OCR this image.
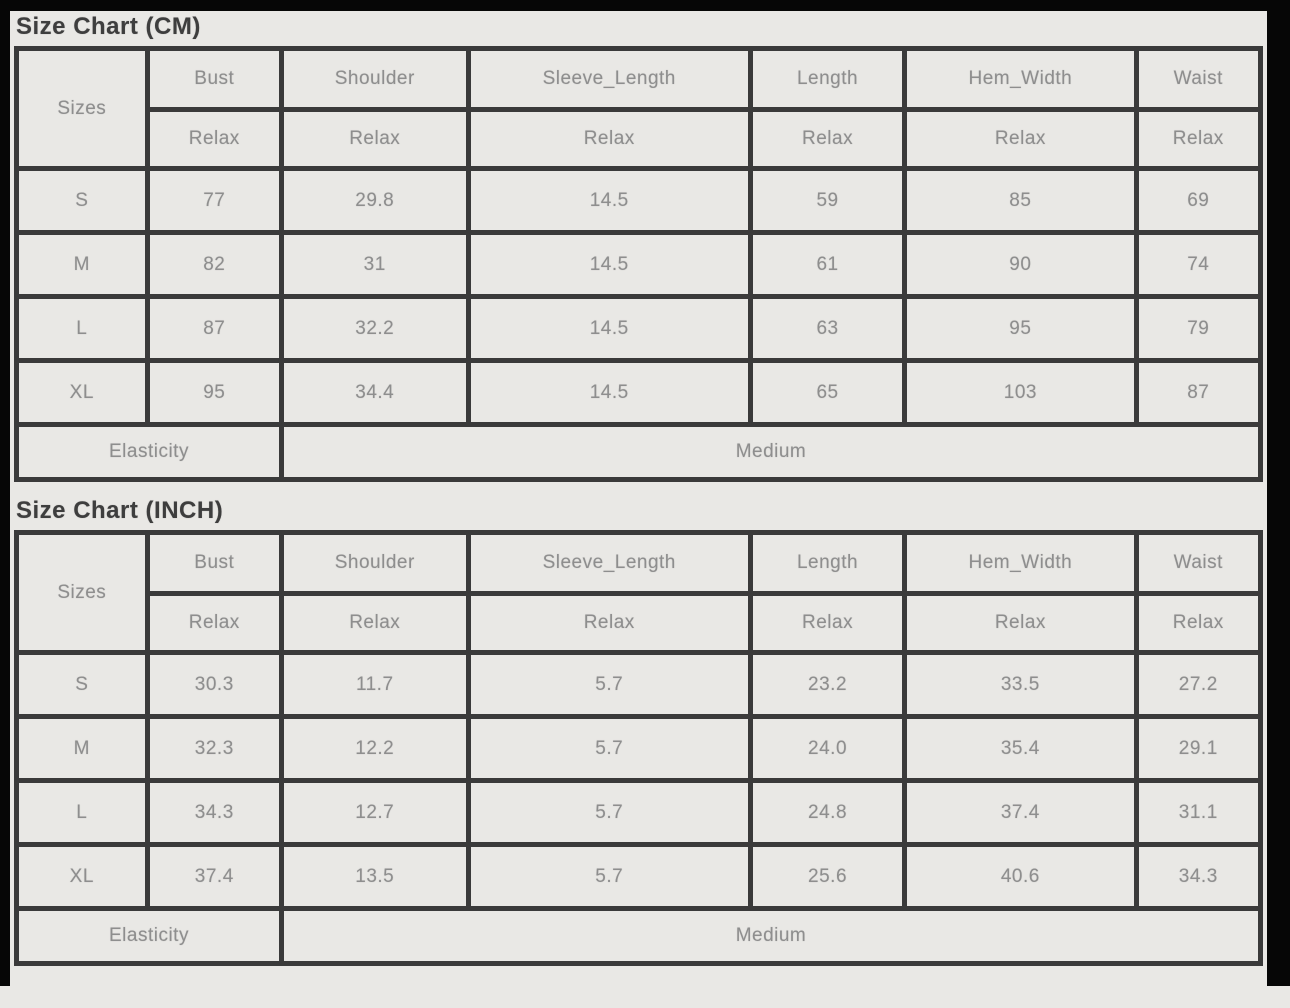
Size Chart (CM)
Sizes	Bust	Shoulder	Sleeve_Length	Length	Hem_Width	Waist
	Relax	Relax	Relax	Relax	Relax	Relax
S	77	29.8	14.5	59	85	69
M	82	31	14.5	61	90	74
L	87	32.2	14.5	63	95	79
XL	95	34.4	14.5	65	103	87
Elasticity		Medium				
Size Chart (INCH)
Sizes	Bust	Shoulder	Sleeve_Length	Length	Hem_Width	Waist
	Relax	Relax	Relax	Relax	Relax	Relax
S	30.3	11.7	5.7	23.2	33.5	27.2
M	32.3	12.2	5.7	24.0	35.4	29.1
L	34.3	12.7	5.7	24.8	37.4	31.1
XL	37.4	13.5	5.7	25.6	40.6	34.3
Elasticity		Medium				
